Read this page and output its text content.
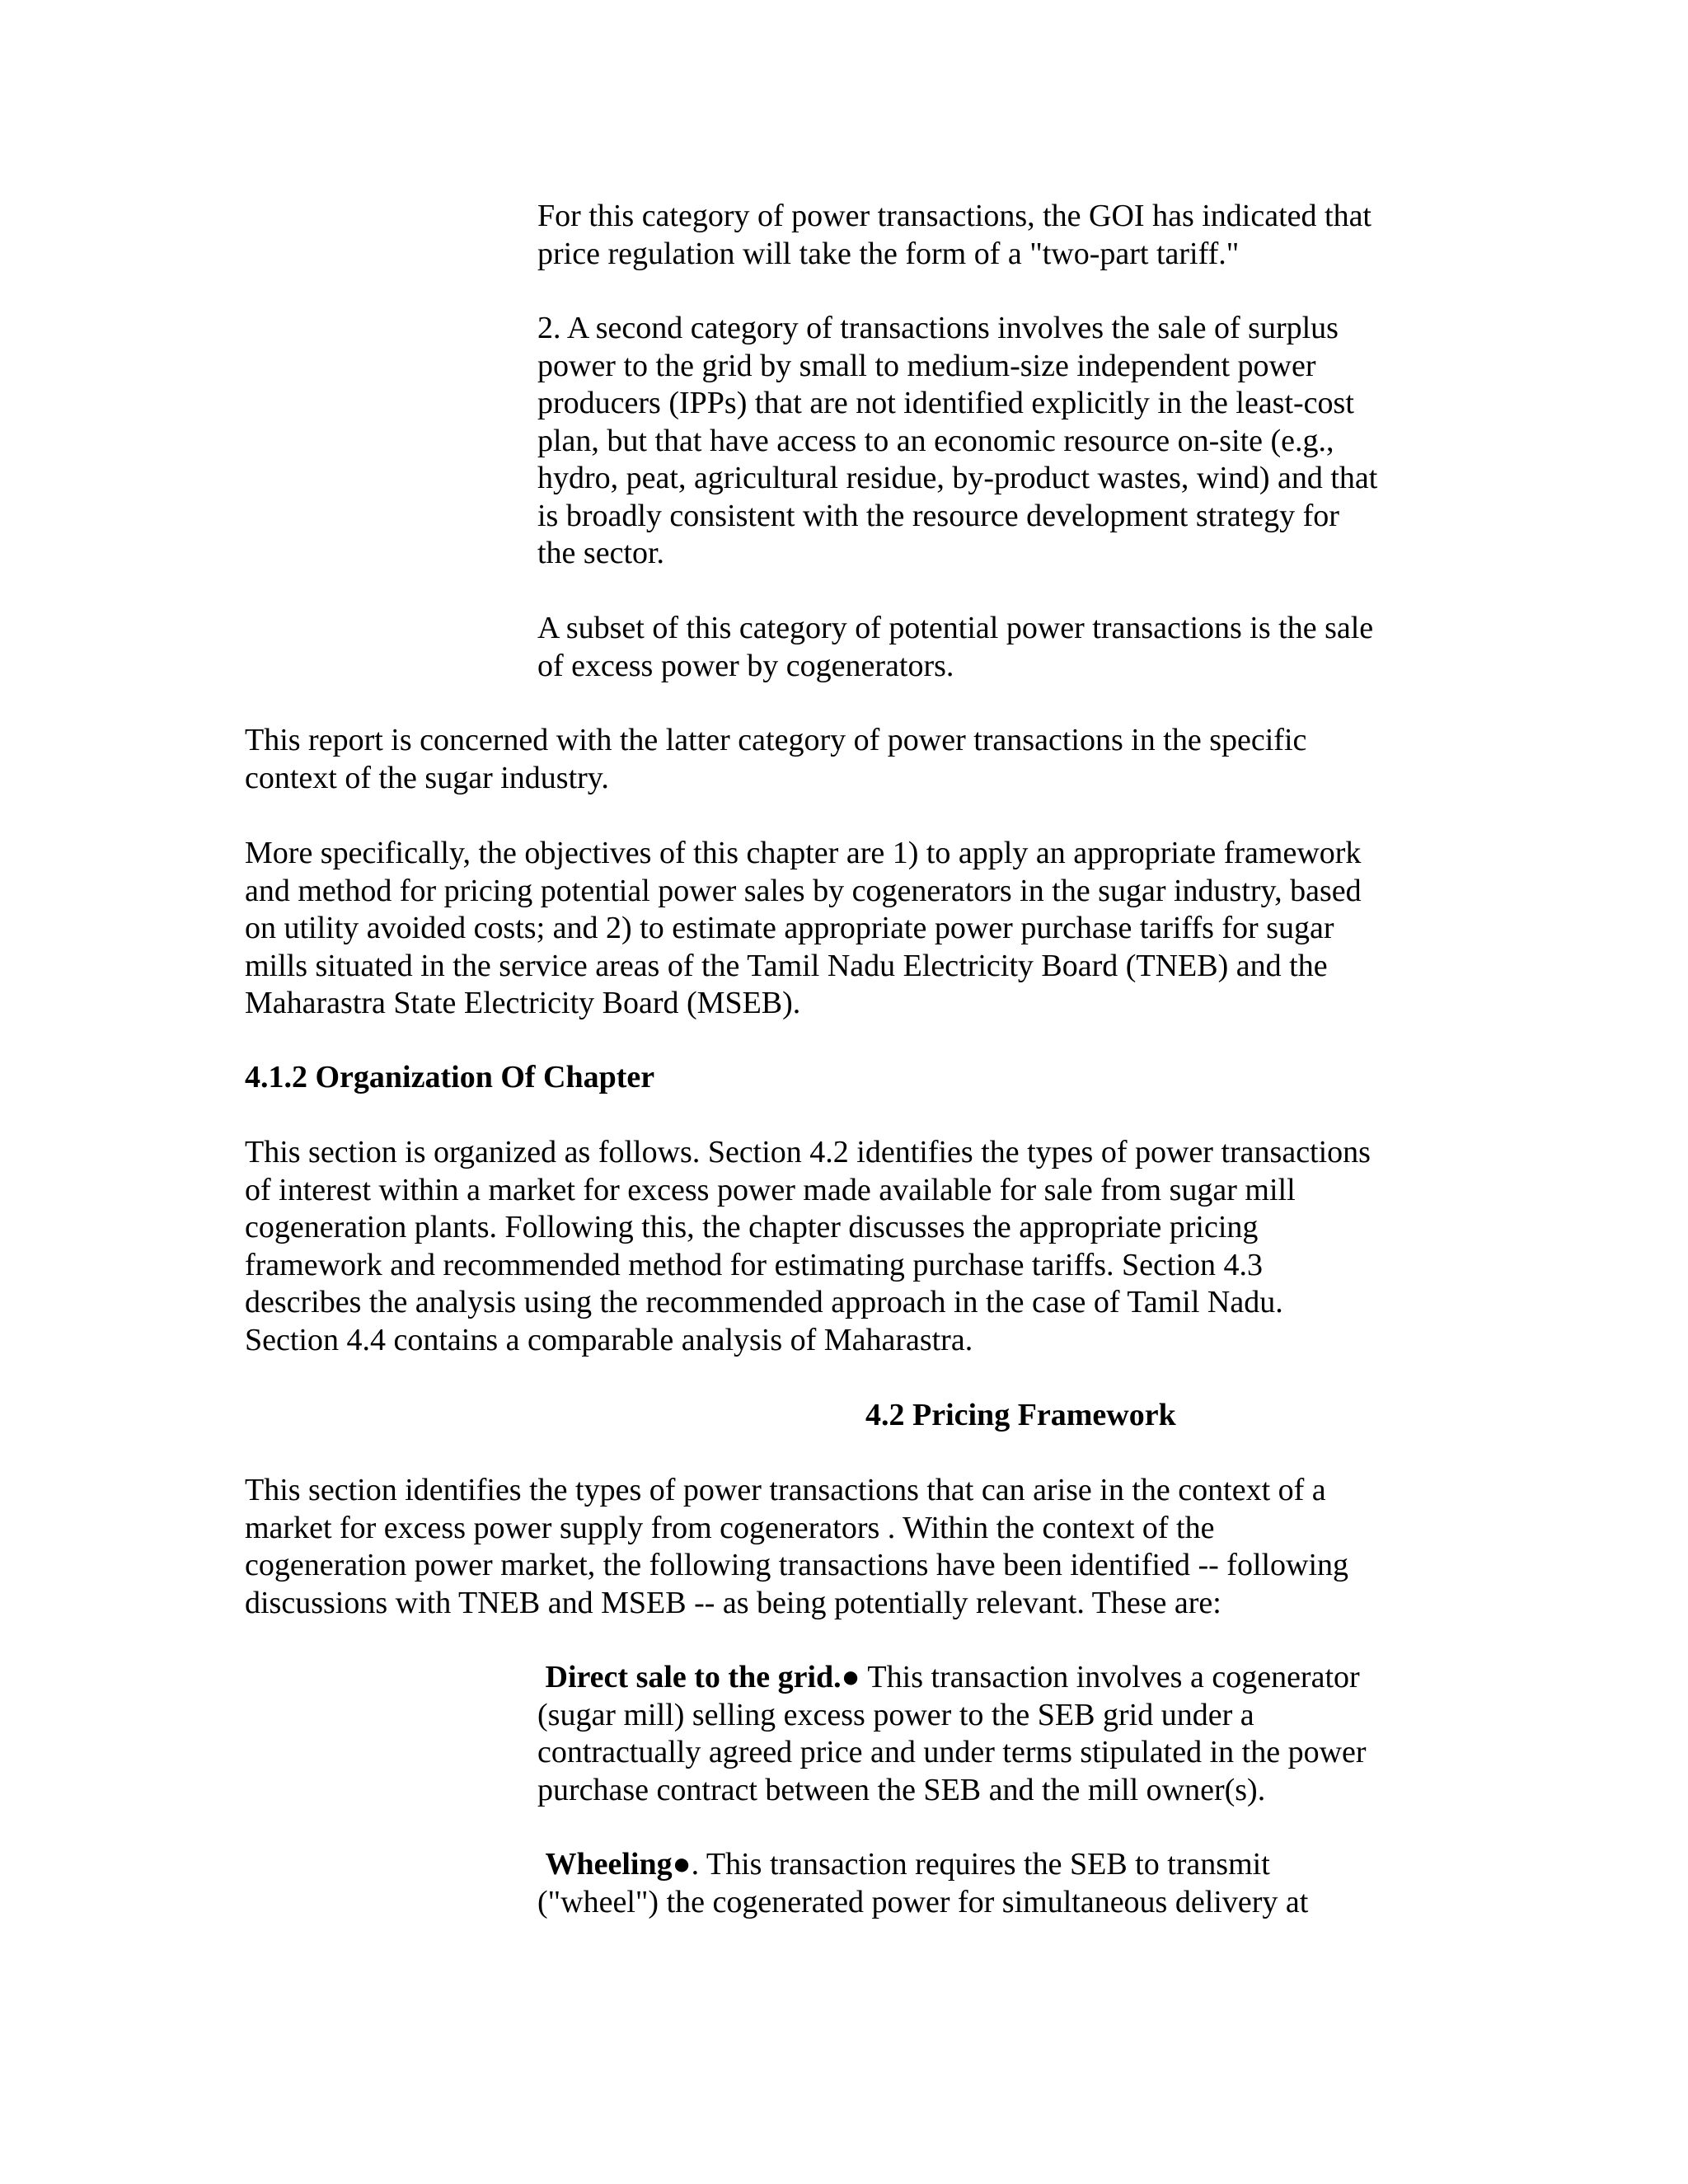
For this category of power transactions, the GOI has indicated that
price regulation will take the form of a "two-part tariff."
2. A second category of transactions involves the sale of surplus
power to the grid by small to medium-size independent power
producers (IPPs) that are not identified explicitly in the least-cost
plan, but that have access to an economic resource on-site (e.g.,
hydro, peat, agricultural residue, by-product wastes, wind) and that
is broadly consistent with the resource development strategy for
the sector.
A subset of this category of potential power transactions is the sale
of excess power by cogenerators.
This report is concerned with the latter category of power transactions in the specific
context of the sugar industry.
More specifically, the objectives of this chapter are 1) to apply an appropriate framework
and method for pricing potential power sales by cogenerators in the sugar industry, based
on utility avoided costs; and 2) to estimate appropriate power purchase tariffs for sugar
mills situated in the service areas of the Tamil Nadu Electricity Board (TNEB) and the
Maharastra State Electricity Board (MSEB).
4.1.2 Organization Of Chapter
This section is organized as follows. Section 4.2 identifies the types of power transactions
of interest within a market for excess power made available for sale from sugar mill
cogeneration plants. Following this, the chapter discusses the appropriate pricing
framework and recommended method for estimating purchase tariffs. Section 4.3
describes the analysis using the recommended approach in the case of Tamil Nadu.
Section 4.4 contains a comparable analysis of Maharastra.
4.2 Pricing Framework
This section identifies the types of power transactions that can arise in the context of a
market for excess power supply from cogenerators . Within the context of the
cogeneration power market, the following transactions have been identified -- following
discussions with TNEB and MSEB -- as being potentially relevant. These are:
Direct sale to the grid.● This transaction involves a cogenerator
(sugar mill) selling excess power to the SEB grid under a
contractually agreed price and under terms stipulated in the power
purchase contract between the SEB and the mill owner(s).
Wheeling●. This transaction requires the SEB to transmit
("wheel") the cogenerated power for simultaneous delivery at
